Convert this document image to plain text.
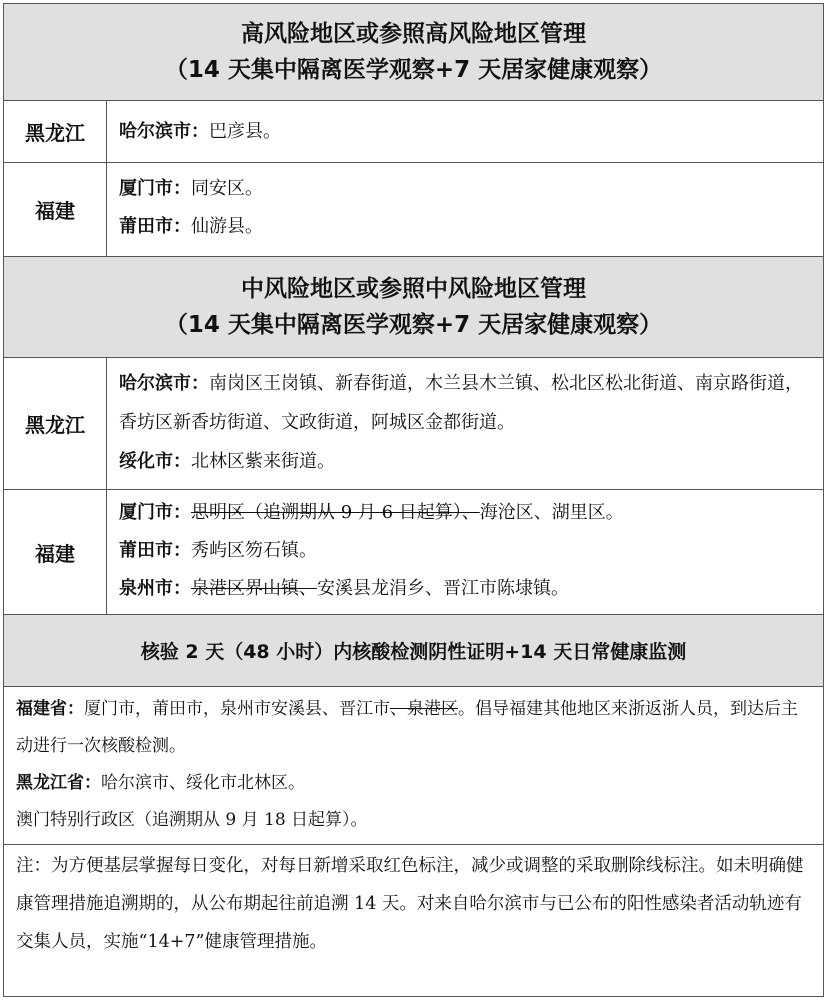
高风险地区或参照高风险地区管理
（14 天集中隔离医学观察+7 天居家健康观察）
黑龙江	哈尔滨市：巴彦县。
福建
厦门市：同安区。
莆田市：仙游县。
中风险地区或参照中风险地区管理
（14 天集中隔离医学观察+7 天居家健康观察）
黑龙江
哈尔滨市：南岗区王岗镇、新春街道，木兰县木兰镇、松北区松北街道、南京路街道，香坊区新香坊街道、文政街道，阿城区金都街道。
绥化市：北林区紫来街道。
福建
厦门市：思明区（追溯期从 9 月 6 日起算）、海沧区、湖里区。
莆田市：秀屿区笏石镇。
泉州市：泉港区界山镇、安溪县龙涓乡、晋江市陈埭镇。
核验 2 天（48 小时）内核酸检测阴性证明+14 天日常健康监测
福建省：厦门市，莆田市，泉州市安溪县、晋江市、泉港区。倡导福建其他地区来浙返浙人员，到达后主动进行一次核酸检测。
黑龙江省：哈尔滨市、绥化市北林区。
澳门特别行政区（追溯期从 9 月 18 日起算）。
注：为方便基层掌握每日变化，对每日新增采取红色标注，减少或调整的采取删除线标注。如未明确健康管理措施追溯期的，从公布期起往前追溯 14 天。对来自哈尔滨市与已公布的阳性感染者活动轨迹有交集人员，实施“14+7”健康管理措施。
